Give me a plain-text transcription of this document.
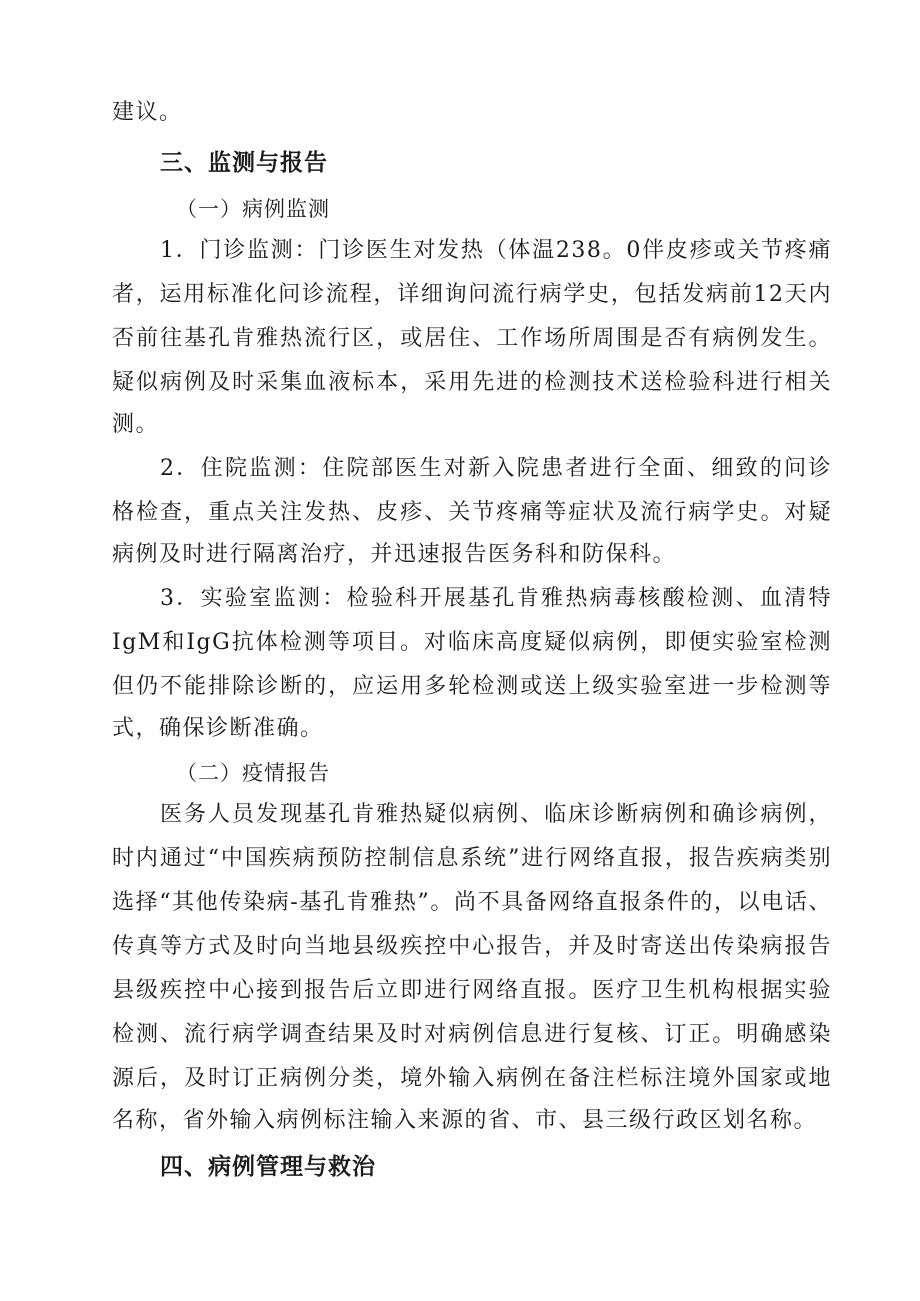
建议。
三、监测与报告
（一）病例监测
1．门诊监测：门诊医生对发热（体温238。0伴皮疹或关节疼痛
者，运用标准化问诊流程，详细询问流行病学史，包括发病前12天内
否前往基孔肯雅热流行区，或居住、工作场所周围是否有病例发生。
疑似病例及时采集血液标本，采用先进的检测技术送检验科进行相关
测。
2．住院监测：住院部医生对新入院患者进行全面、细致的问诊
格检查，重点关注发热、皮疹、关节疼痛等症状及流行病学史。对疑
病例及时进行隔离治疗，并迅速报告医务科和防保科。
3．实验室监测：检验科开展基孔肯雅热病毒核酸检测、血清特
IgM和IgG抗体检测等项目。对临床高度疑似病例，即便实验室检测
但仍不能排除诊断的，应运用多轮检测或送上级实验室进一步检测等
式，确保诊断准确。
（二）疫情报告
医务人员发现基孔肯雅热疑似病例、临床诊断病例和确诊病例，
时内通过“中国疾病预防控制信息系统”进行网络直报，报告疾病类别
选择“其他传染病-基孔肯雅热”。尚不具备网络直报条件的，以电话、
传真等方式及时向当地县级疾控中心报告，并及时寄送出传染病报告
县级疾控中心接到报告后立即进行网络直报。医疗卫生机构根据实验
检测、流行病学调查结果及时对病例信息进行复核、订正。明确感染
源后，及时订正病例分类，境外输入病例在备注栏标注境外国家或地
名称，省外输入病例标注输入来源的省、市、县三级行政区划名称。
四、病例管理与救治
